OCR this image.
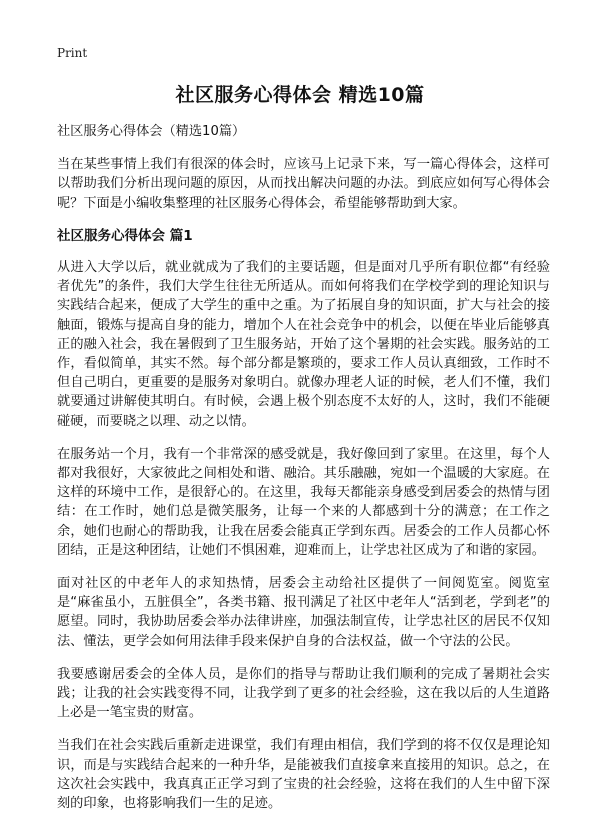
Print
社区服务心得体会 精选10篇

社区服务心得体会（精选10篇）

当在某些事情上我们有很深的体会时，应该马上记录下来，写一篇心得体会，这样可以帮助我们分析出现问题的原因，从而找出解决问题的办法。到底应如何写心得体会呢？下面是小编收集整理的社区服务心得体会，希望能够帮助到大家。

社区服务心得体会 篇1

从进入大学以后，就业就成为了我们的主要话题，但是面对几乎所有职位都“有经验者优先”的条件，我们大学生往往无所适从。而如何将我们在学校学到的理论知识与实践结合起来，便成了大学生的重中之重。为了拓展自身的知识面，扩大与社会的接触面，锻炼与提高自身的能力，增加个人在社会竞争中的机会，以便在毕业后能够真正的融入社会，我在暑假到了卫生服务站，开始了这个暑期的社会实践。服务站的工作，看似简单，其实不然。每个部分都是繁琐的，要求工作人员认真细致，工作时不但自己明白，更重要的是服务对象明白。就像办理老人证的时候，老人们不懂，我们就要通过讲解使其明白。有时候，会遇上极个别态度不太好的人，这时，我们不能硬碰硬，而要晓之以理、动之以情。

在服务站一个月，我有一个非常深的感受就是，我好像回到了家里。在这里，每个人都对我很好，大家彼此之间相处和谐、融洽。其乐融融，宛如一个温暖的大家庭。在这样的环境中工作，是很舒心的。在这里，我每天都能亲身感受到居委会的热情与团结：在工作时，她们总是微笑服务，让每一个来的人都感到十分的满意；在工作之余，她们也耐心的帮助我，让我在居委会能真正学到东西。居委会的工作人员都心怀团结，正是这种团结，让她们不惧困难，迎难而上，让学忠社区成为了和谐的家园。

面对社区的中老年人的求知热情，居委会主动给社区提供了一间阅览室。阅览室是“麻雀虽小，五脏俱全”，各类书籍、报刊满足了社区中老年人“活到老，学到老”的愿望。同时，我协助居委会举办法律讲座，加强法制宣传，让学忠社区的居民不仅知法、懂法，更学会如何用法律手段来保护自身的合法权益，做一个守法的公民。

我要感谢居委会的全体人员，是你们的指导与帮助让我们顺利的完成了暑期社会实践；让我的社会实践变得不同，让我学到了更多的社会经验，这在我以后的人生道路上必是一笔宝贵的财富。

当我们在社会实践后重新走进课堂，我们有理由相信，我们学到的将不仅仅是理论知识，而是与实践结合起来的一种升华，是能被我们直接拿来直接用的知识。总之，在这次社会实践中，我真真正正学习到了宝贵的社会经验，这将在我们的人生中留下深刻的印象，也将影响我们一生的足迹。
